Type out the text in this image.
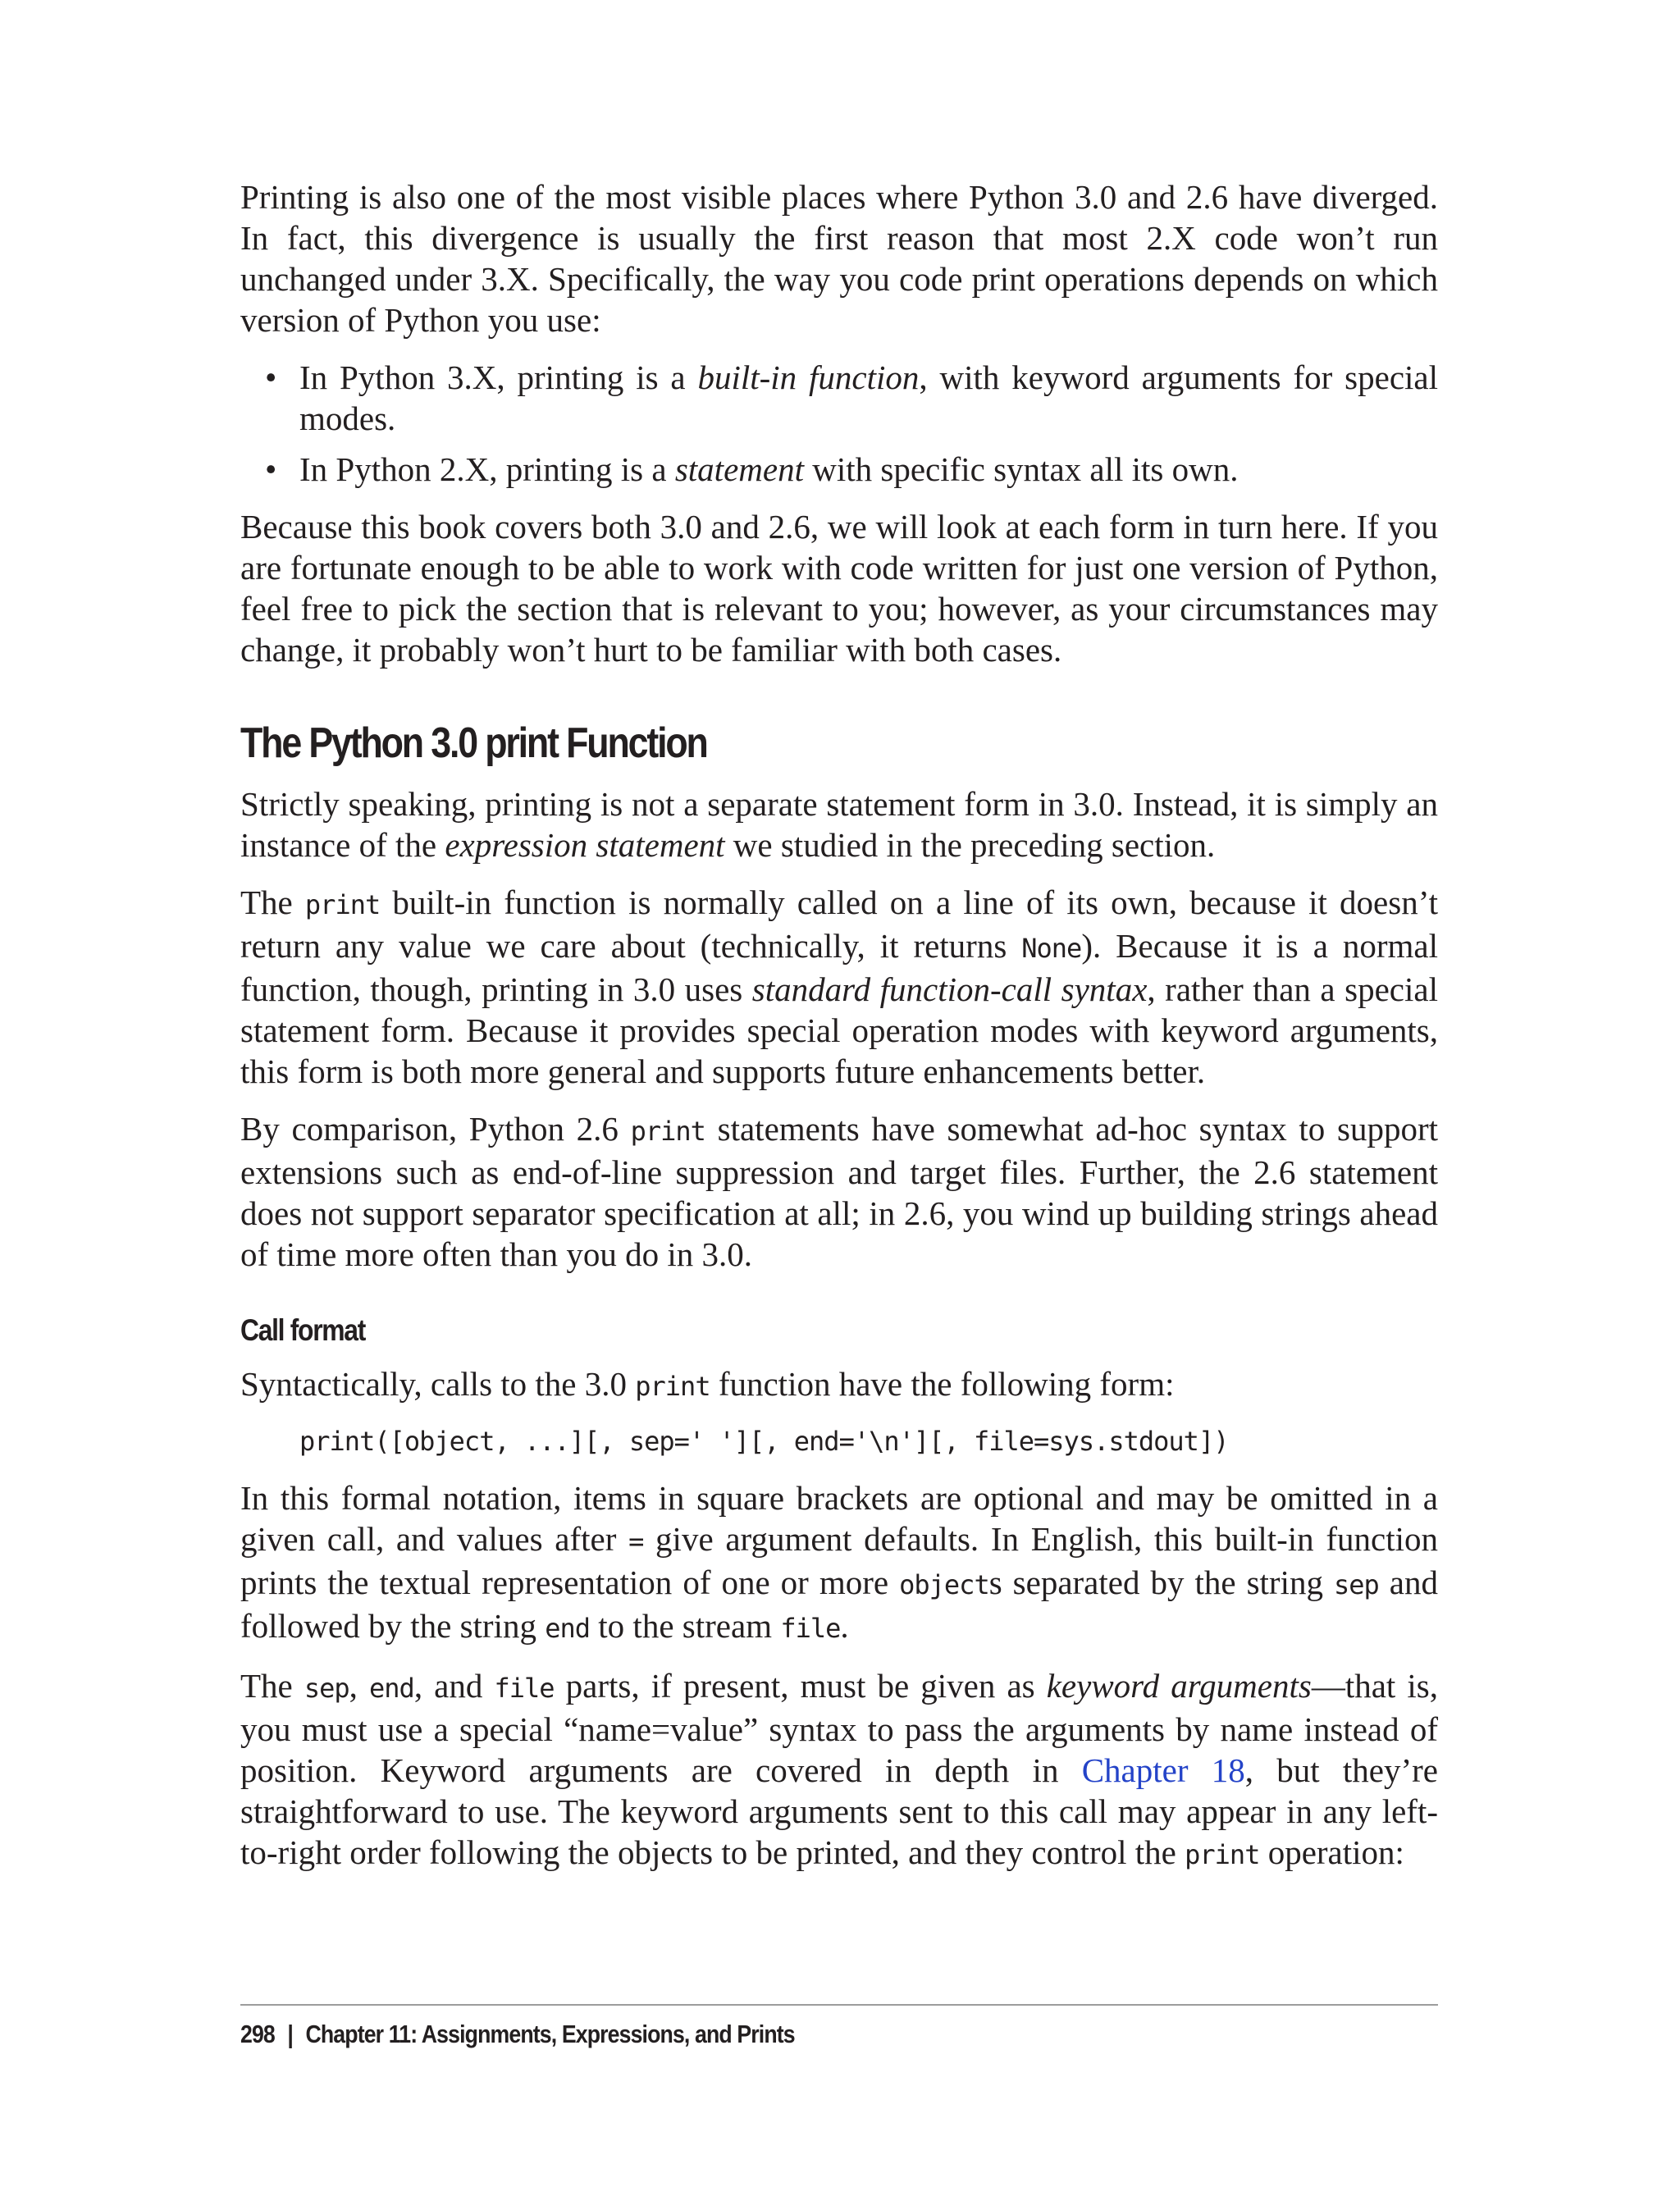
Printing is also one of the most visible places where Python 3.0 and 2.6 have diverged. In fact, this divergence is usually the first reason that most 2.X code won’t run unchanged under 3.X. Specifically, the way you code print operations depends on which version of Python you use:

• In Python 3.X, printing is a built-in function, with keyword arguments for special modes.
• In Python 2.X, printing is a statement with specific syntax all its own.

Because this book covers both 3.0 and 2.6, we will look at each form in turn here. If you are fortunate enough to be able to work with code written for just one version of Python, feel free to pick the section that is relevant to you; however, as your circumstances may change, it probably won’t hurt to be familiar with both cases.

The Python 3.0 print Function

Strictly speaking, printing is not a separate statement form in 3.0. Instead, it is simply an instance of the expression statement we studied in the preceding section.

The print built-in function is normally called on a line of its own, because it doesn’t return any value we care about (technically, it returns None). Because it is a normal function, though, printing in 3.0 uses standard function-call syntax, rather than a special statement form. Because it provides special operation modes with keyword arguments, this form is both more general and supports future enhancements better.

By comparison, Python 2.6 print statements have somewhat ad-hoc syntax to support extensions such as end-of-line suppression and target files. Further, the 2.6 statement does not support separator specification at all; in 2.6, you wind up building strings ahead of time more often than you do in 3.0.

Call format

Syntactically, calls to the 3.0 print function have the following form:

print([object, ...][, sep=' '][, end='\n'][, file=sys.stdout])

In this formal notation, items in square brackets are optional and may be omitted in a given call, and values after = give argument defaults. In English, this built-in function prints the textual representation of one or more objects separated by the string sep and followed by the string end to the stream file.

The sep, end, and file parts, if present, must be given as keyword arguments—that is, you must use a special “name=value” syntax to pass the arguments by name instead of position. Keyword arguments are covered in depth in Chapter 18, but they’re straightforward to use. The keyword arguments sent to this call may appear in any left-to-right order following the objects to be printed, and they control the print operation:

298 | Chapter 11: Assignments, Expressions, and Prints
